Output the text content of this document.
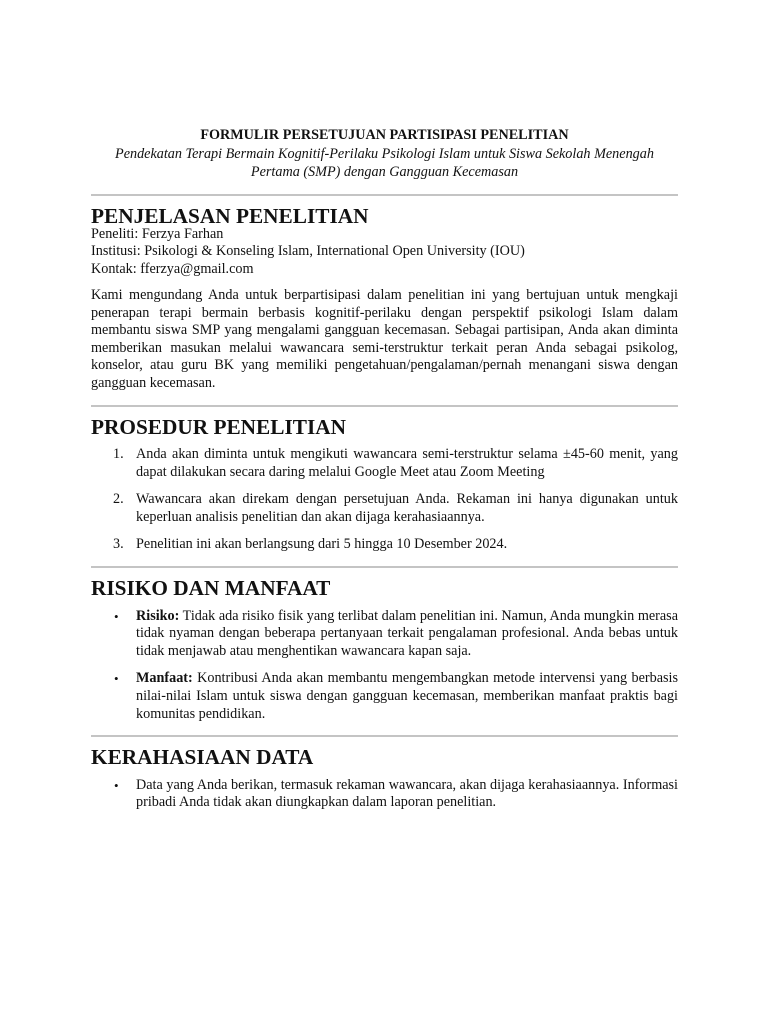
FORMULIR PERSETUJUAN PARTISIPASI PENELITIAN

Pendekatan Terapi Bermain Kognitif-Perilaku Psikologi Islam untuk Siswa Sekolah Menengah Pertama (SMP) dengan Gangguan Kecemasan

PENJELASAN PENELITIAN

Peneliti: Ferzya Farhan

Institusi: Psikologi & Konseling Islam, International Open University (IOU)

Kontak: fferzya@gmail.com

Kami mengundang Anda untuk berpartisipasi dalam penelitian ini yang bertujuan untuk mengkaji penerapan terapi bermain berbasis kognitif-perilaku dengan perspektif psikologi Islam dalam membantu siswa SMP yang mengalami gangguan kecemasan. Sebagai partisipan, Anda akan diminta memberikan masukan melalui wawancara semi-terstruktur terkait peran Anda sebagai psikolog, konselor, atau guru BK yang memiliki pengetahuan/pengalaman/pernah menangani siswa dengan gangguan kecemasan.

PROSEDUR PENELITIAN
1. Anda akan diminta untuk mengikuti wawancara semi-terstruktur selama ±45-60 menit, yang dapat dilakukan secara daring melalui Google Meet atau Zoom Meeting
2. Wawancara akan direkam dengan persetujuan Anda. Rekaman ini hanya digunakan untuk keperluan analisis penelitian dan akan dijaga kerahasiaannya.
3. Penelitian ini akan berlangsung dari 5 hingga 10 Desember 2024.
RISIKO DAN MANFAAT
• Risiko: Tidak ada risiko fisik yang terlibat dalam penelitian ini. Namun, Anda mungkin merasa tidak nyaman dengan beberapa pertanyaan terkait pengalaman profesional. Anda bebas untuk tidak menjawab atau menghentikan wawancara kapan saja.
• Manfaat: Kontribusi Anda akan membantu mengembangkan metode intervensi yang berbasis nilai-nilai Islam untuk siswa dengan gangguan kecemasan, memberikan manfaat praktis bagi komunitas pendidikan.
KERAHASIAAN DATA
• Data yang Anda berikan, termasuk rekaman wawancara, akan dijaga kerahasiaannya. Informasi pribadi Anda tidak akan diungkapkan dalam laporan penelitian.
